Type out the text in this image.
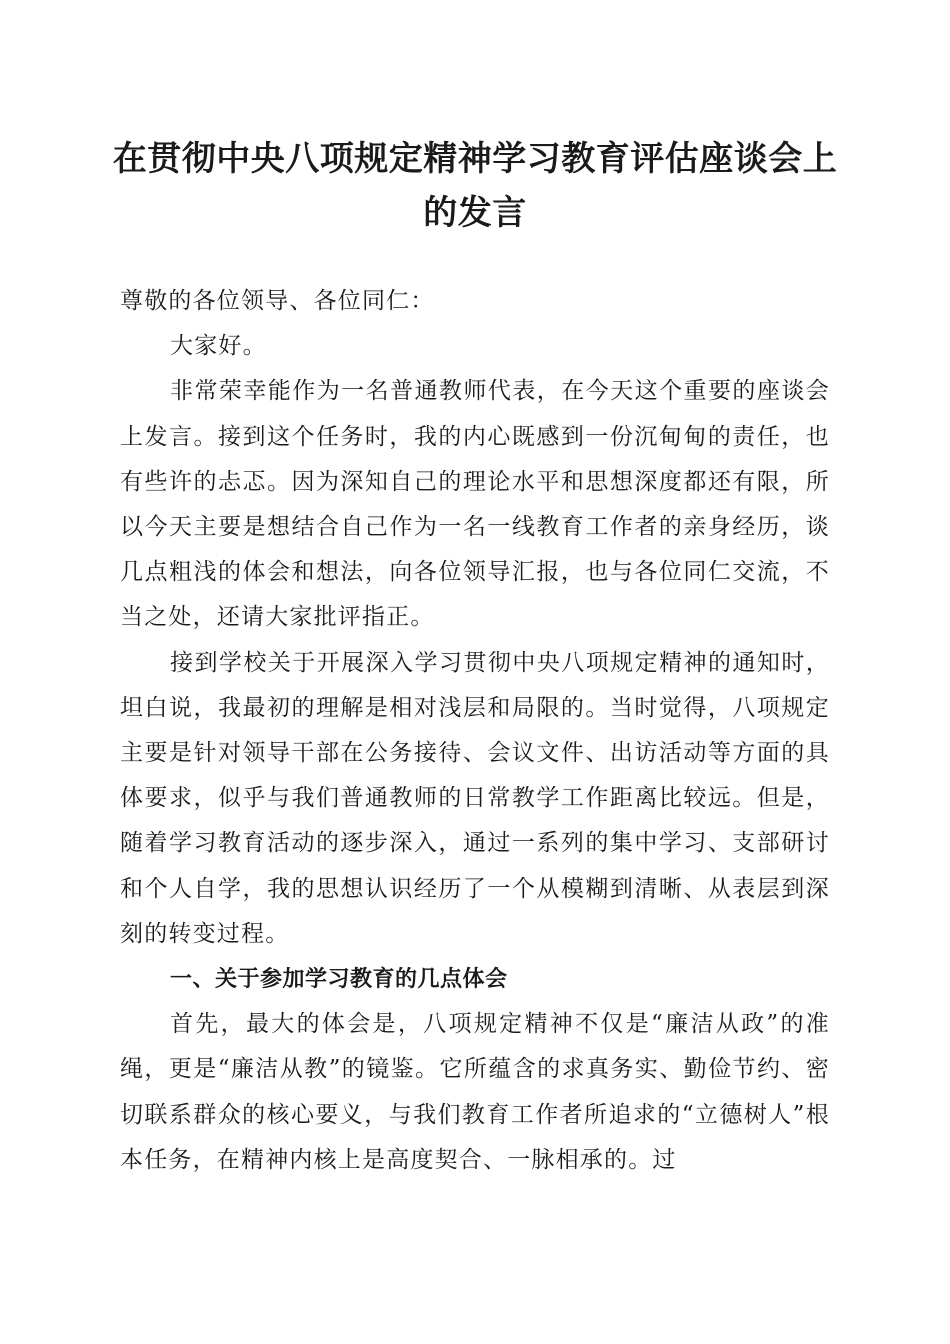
在贯彻中央八项规定精神学习教育评估座谈会上的发言

尊敬的各位领导、各位同仁：

大家好。

非常荣幸能作为一名普通教师代表，在今天这个重要的座谈会上发言。接到这个任务时，我的内心既感到一份沉甸甸的责任，也有些许的忐忑。因为深知自己的理论水平和思想深度都还有限，所以今天主要是想结合自己作为一名一线教育工作者的亲身经历，谈几点粗浅的体会和想法，向各位领导汇报，也与各位同仁交流，不当之处，还请大家批评指正。

接到学校关于开展深入学习贯彻中央八项规定精神的通知时，坦白说，我最初的理解是相对浅层和局限的。当时觉得，八项规定主要是针对领导干部在公务接待、会议文件、出访活动等方面的具体要求，似乎与我们普通教师的日常教学工作距离比较远。但是，随着学习教育活动的逐步深入，通过一系列的集中学习、支部研讨和个人自学，我的思想认识经历了一个从模糊到清晰、从表层到深刻的转变过程。

一、关于参加学习教育的几点体会

首先，最大的体会是，八项规定精神不仅是“廉洁从政”的准绳，更是“廉洁从教”的镜鉴。它所蕴含的求真务实、勤俭节约、密切联系群众的核心要义，与我们教育工作者所追求的“立德树人”根本任务，在精神内核上是高度契合、一脉相承的。过
